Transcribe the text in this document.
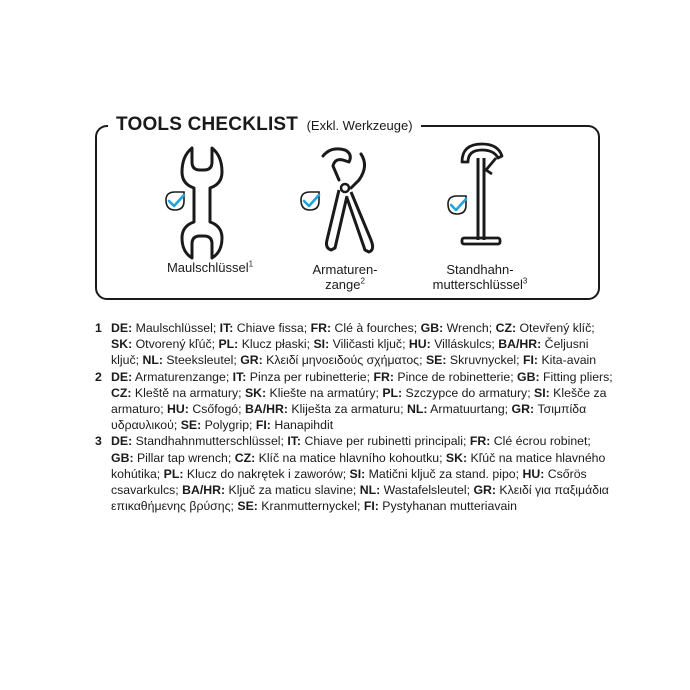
TOOLS CHECKLIST (Exkl. Werkzeuge)
Maulschlüssel$^1$	Armaturen-
zange$^2$
Standhahn-
mutterschlüssel$^3$
1 DE: Maulschlüssel; IT: Chiave fissa; FR: Clé à fourches; GB: Wrench; CZ: Otevřený klíč; SK: Otvorený kľúč; PL: Klucz płaski; SI: Viličasti ključ; HU: Villáskulcs; BA/HR: Čeljusni ključ; NL: Steeksleutel; GR: Κλειδί μηνοειδούς σχήματος; SE: Skruvnyckel; FI: Kita-avain
2 DE: Armaturenzange; IT: Pinza per rubinetterie; FR: Pince de robinetterie; GB: Fitting pliers; CZ: Kleště na armatury; SK: Kliešte na armatúry; PL: Szczypce do armatury; SI: Klešče za armaturo; HU: Csőfogó; BA/HR: Kliješta za armaturu; NL: Armatuurtang; GR: Τσιμπίδα υδραυλικού; SE: Polygrip; FI: Hanapihdit
3 DE: Standhahnmutterschlüssel; IT: Chiave per rubinetti principali; FR: Clé écrou robinet; GB: Pillar tap wrench; CZ: Klíč na matice hlavního kohoutku; SK: Kľúč na matice hlavného kohútika; PL: Klucz do nakrętek i zaworów; SI: Matični ključ za stand. pipo; HU: Csőrös csavarkulcs; BA/HR: Ključ za maticu slavine; NL: Wastafelsleutel; GR: Κλειδί για παξιμάδια επικαθήμενης βρύσης; SE: Kranmutternyckel; FI: Pystyhanan mutteriavain
